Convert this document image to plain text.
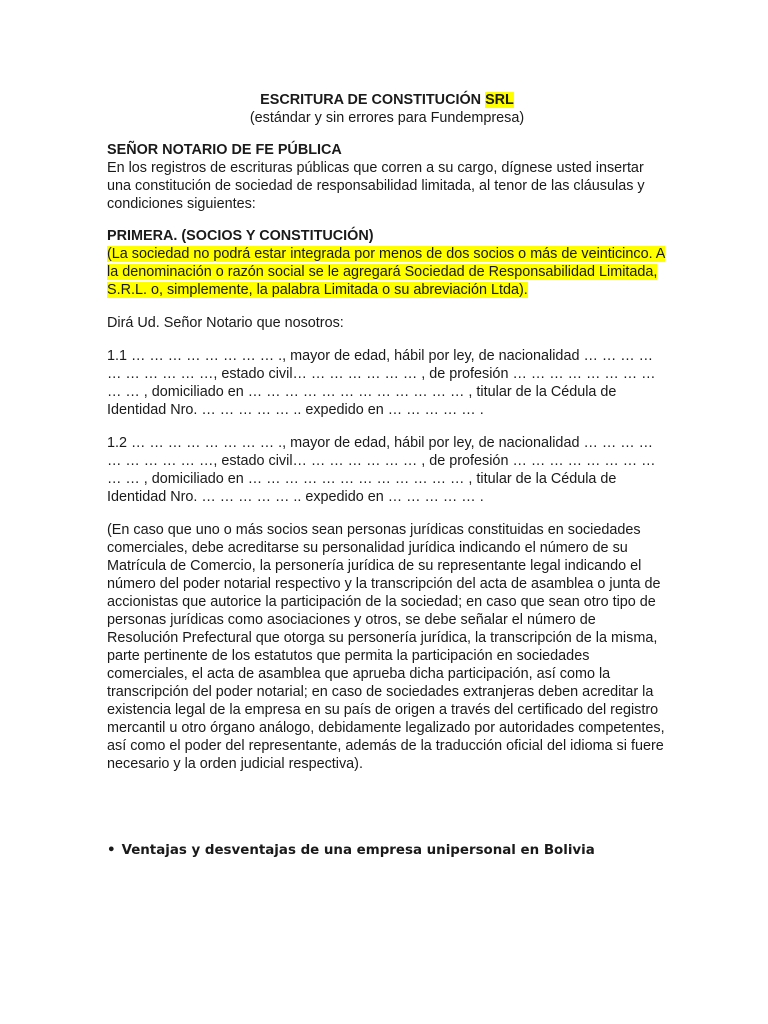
ESCRITURA DE CONSTITUCIÓN SRL
(estándar y sin errores para Fundempresa)

SEÑOR NOTARIO DE FE PÚBLICA

En los registros de escrituras públicas que corren a su cargo, dígnese usted insertar una constitución de sociedad de responsabilidad limitada, al tenor de las cláusulas y condiciones siguientes:

PRIMERA. (SOCIOS Y CONSTITUCIÓN)

(La sociedad no podrá estar integrada por menos de dos socios o más de veinticinco. A la denominación o razón social se le agregará Sociedad de Responsabilidad Limitada, S.R.L. o, simplemente, la palabra Limitada o su abreviación Ltda).

Dirá Ud. Señor Notario que nosotros:

1.1 … … … … … … … … ., mayor de edad, hábil por ley, de nacionalidad … … … … … … … … … …, estado civil… … … … … … … , de profesión … … … … … … … … … … , domiciliado en … … … … … … … … … … … … , titular de la Cédula de Identidad Nro. … … … … … .. expedido en … … … … … .

1.2 … … … … … … … … ., mayor de edad, hábil por ley, de nacionalidad … … … … … … … … … …, estado civil… … … … … … … , de profesión … … … … … … … … … … , domiciliado en … … … … … … … … … … … … , titular de la Cédula de Identidad Nro. … … … … … .. expedido en … … … … … .

(En caso que uno o más socios sean personas jurídicas constituidas en sociedades comerciales, debe acreditarse su personalidad jurídica indicando el número de su Matrícula de Comercio, la personería jurídica de su representante legal indicando el número del poder notarial respectivo y la transcripción del acta de asamblea o junta de accionistas que autorice la participación de la sociedad; en caso que sean otro tipo de personas jurídicas como asociaciones y otros, se debe señalar el número de Resolución Prefectural que otorga su personería jurídica, la transcripción de la misma, parte pertinente de los estatutos que permita la participación en sociedades comerciales, el acta de asamblea que aprueba dicha participación, así como la transcripción del poder notarial; en caso de sociedades extranjeras deben acreditar la existencia legal de la empresa en su país de origen a través del certificado del registro mercantil u otro órgano análogo, debidamente legalizado por autoridades competentes, así como el poder del representante, además de la traducción oficial del idioma si fuere necesario y la orden judicial respectiva).

• Ventajas y desventajas de una empresa unipersonal en Bolivia
